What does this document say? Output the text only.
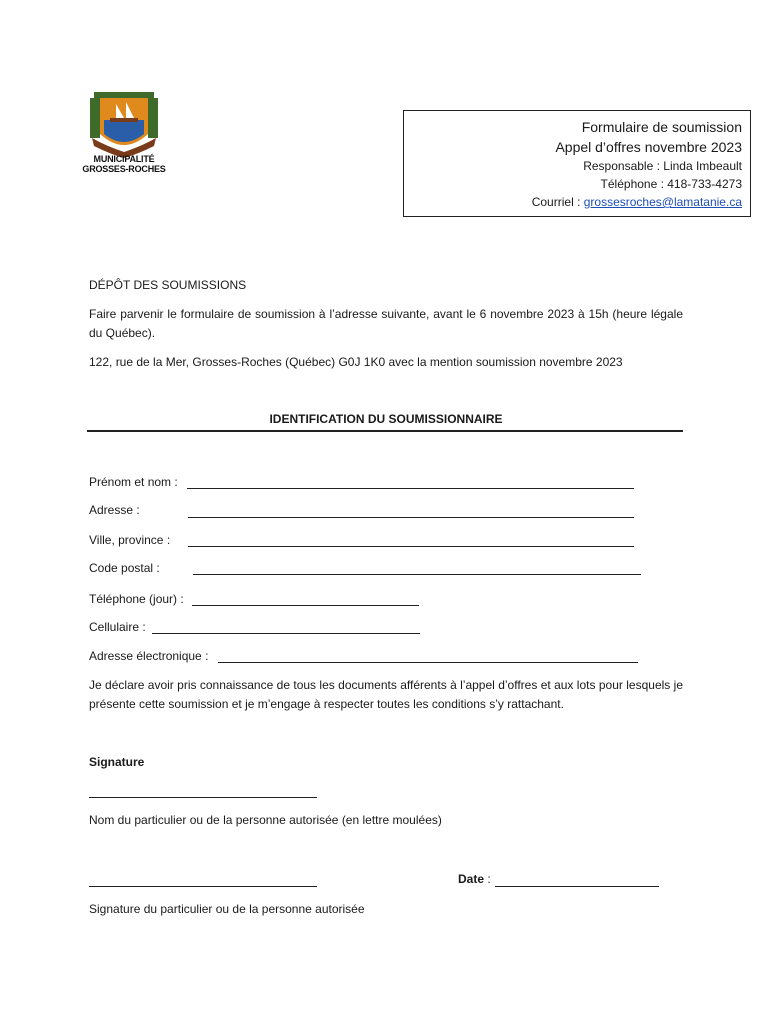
MUNICIPALITÉ
GROSSES-ROCHES
Formulaire de soumission
Appel d’offres novembre 2023
Responsable : Linda Imbeault
Téléphone : 418-733-4273
Courriel : grossesroches@lamatanie.ca
DÉPÔT DES SOUMISSIONS
Faire parvenir le formulaire de soumission à l’adresse suivante, avant le 6 novembre 2023 à 15h (heure légale du Québec).
122, rue de la Mer, Grosses-Roches (Québec) G0J 1K0 avec la mention soumission novembre 2023
IDENTIFICATION DU SOUMISSIONNAIRE
Prénom et nom :
Adresse :
Ville, province :
Code postal :
Téléphone (jour) :
Cellulaire :
Adresse électronique :
Je déclare avoir pris connaissance de tous les documents afférents à l’appel d’offres et aux lots pour lesquels je présente cette soumission et je m’engage à respecter toutes les conditions s’y rattachant.
Signature
Nom du particulier ou de la personne autorisée (en lettre moulées)
Date :
Signature du particulier ou de la personne autorisée
